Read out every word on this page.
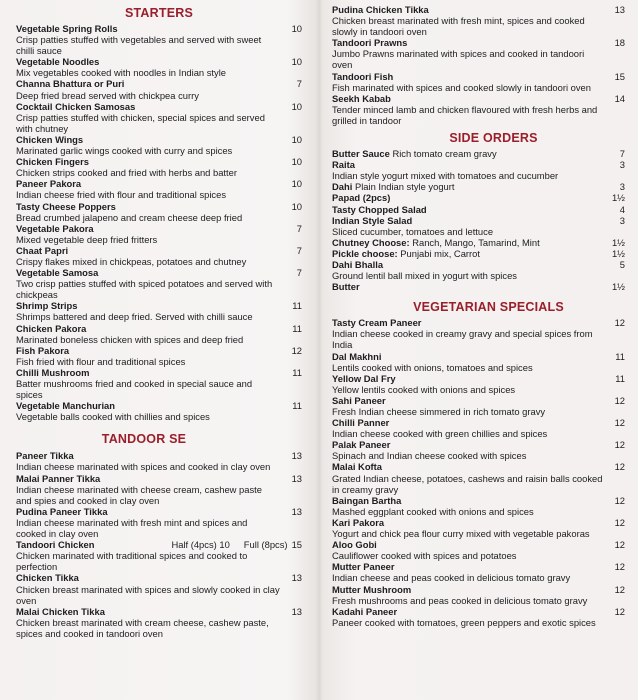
STARTERS
Vegetable Spring Rolls	10
Crisp patties stuffed with vegetables and served with sweet chilli sauce
Vegetable Noodles	10
Mix vegetables cooked with noodles in Indian style
Channa Bhattura or Puri	7
Deep fried bread served with chickpea curry
Cocktail Chicken Samosas	10
Crisp patties stuffed with chicken, special spices and served with chutney
Chicken Wings	10
Marinated garlic wings cooked with curry and spices
Chicken Fingers	10
Chicken strips cooked and fried with herbs and batter
Paneer Pakora	10
Indian cheese fried with flour and traditional spices
Tasty Cheese Poppers	10
Bread crumbed jalapeno and cream cheese deep fried
Vegetable Pakora	7
Mixed vegetable deep fried fritters
Chaat Papri	7
Crispy flakes mixed in chickpeas, potatoes and chutney
Vegetable Samosa	7
Two crisp patties stuffed with spiced potatoes and served with chickpeas
Shrimp Strips	11
Shrimps battered and deep fried. Served with chilli sauce
Chicken Pakora	11
Marinated boneless chicken with spices and deep fried
Fish Pakora	12
Fish fried with flour and traditional spices
Chilli Mushroom	11
Batter mushrooms fried and cooked in special sauce and spices
Vegetable Manchurian	11
Vegetable balls cooked with chillies and spices
TANDOOR SE
Paneer Tikka	13
Indian cheese marinated with spices and cooked in clay oven
Malai Panner Tikka	13
Indian cheese marinated with cheese cream, cashew paste and spies and cooked in clay oven
Pudina Paneer Tikka	13
Indian cheese marinated with fresh mint and spices and cooked in clay oven
Tandoori Chicken	Half (4pcs) 10 Full (8pcs) 15
Chicken marinated with traditional spices and cooked to perfection
Chicken Tikka	13
Chicken breast marinated with spices and slowly cooked in clay oven
Malai Chicken Tikka	13
Chicken breast marinated with cream cheese, cashew paste, spices and cooked in tandoori oven
Pudina Chicken Tikka	13
Chicken breast marinated with fresh mint, spices and cooked slowly in tandoori oven
Tandoori Prawns	18
Jumbo Prawns marinated with spices and cooked in tandoori oven
Tandoori Fish	15
Fish marinated with spices and cooked slowly in tandoori oven
Seekh Kabab	14
Tender minced lamb and chicken flavoured with fresh herbs and grilled in tandoor
SIDE ORDERS
Butter Sauce Rich tomato cream gravy	7
Raita	3
Indian style yogurt mixed with tomatoes and cucumber
Dahi Plain Indian style yogurt	3
Papad (2pcs)	1½
Tasty Chopped Salad	4
Indian Style Salad	3
Sliced cucumber, tomatoes and lettuce
Chutney Choose: Ranch, Mango, Tamarind, Mint	1½
Pickle choose: Punjabi mix, Carrot	1½
Dahi Bhalla	5
Ground lentil ball mixed in yogurt with spices
Butter	1½
VEGETARIAN SPECIALS
Tasty Cream Paneer	12
Indian cheese cooked in creamy gravy and special spices from India
Dal Makhni	11
Lentils cooked with onions, tomatoes and spices
Yellow Dal Fry	11
Yellow lentils cooked with onions and spices
Sahi Paneer	12
Fresh Indian cheese simmered in rich tomato gravy
Chilli Panner	12
Indian cheese cooked with green chillies and spices
Palak Paneer	12
Spinach and Indian cheese cooked with spices
Malai Kofta	12
Grated Indian cheese, potatoes, cashews and raisin balls cooked in creamy gravy
Baingan Bartha	12
Mashed eggplant cooked with onions and spices
Kari Pakora	12
Yogurt and chick pea flour curry mixed with vegetable pakoras
Aloo Gobi	12
Cauliflower cooked with spices and potatoes
Mutter Paneer	12
Indian cheese and peas cooked in delicious tomato gravy
Mutter Mushroom	12
Fresh mushrooms and peas cooked in delicious tomato gravy
Kadahi Paneer	12
Paneer cooked with tomatoes, green peppers and exotic spices
